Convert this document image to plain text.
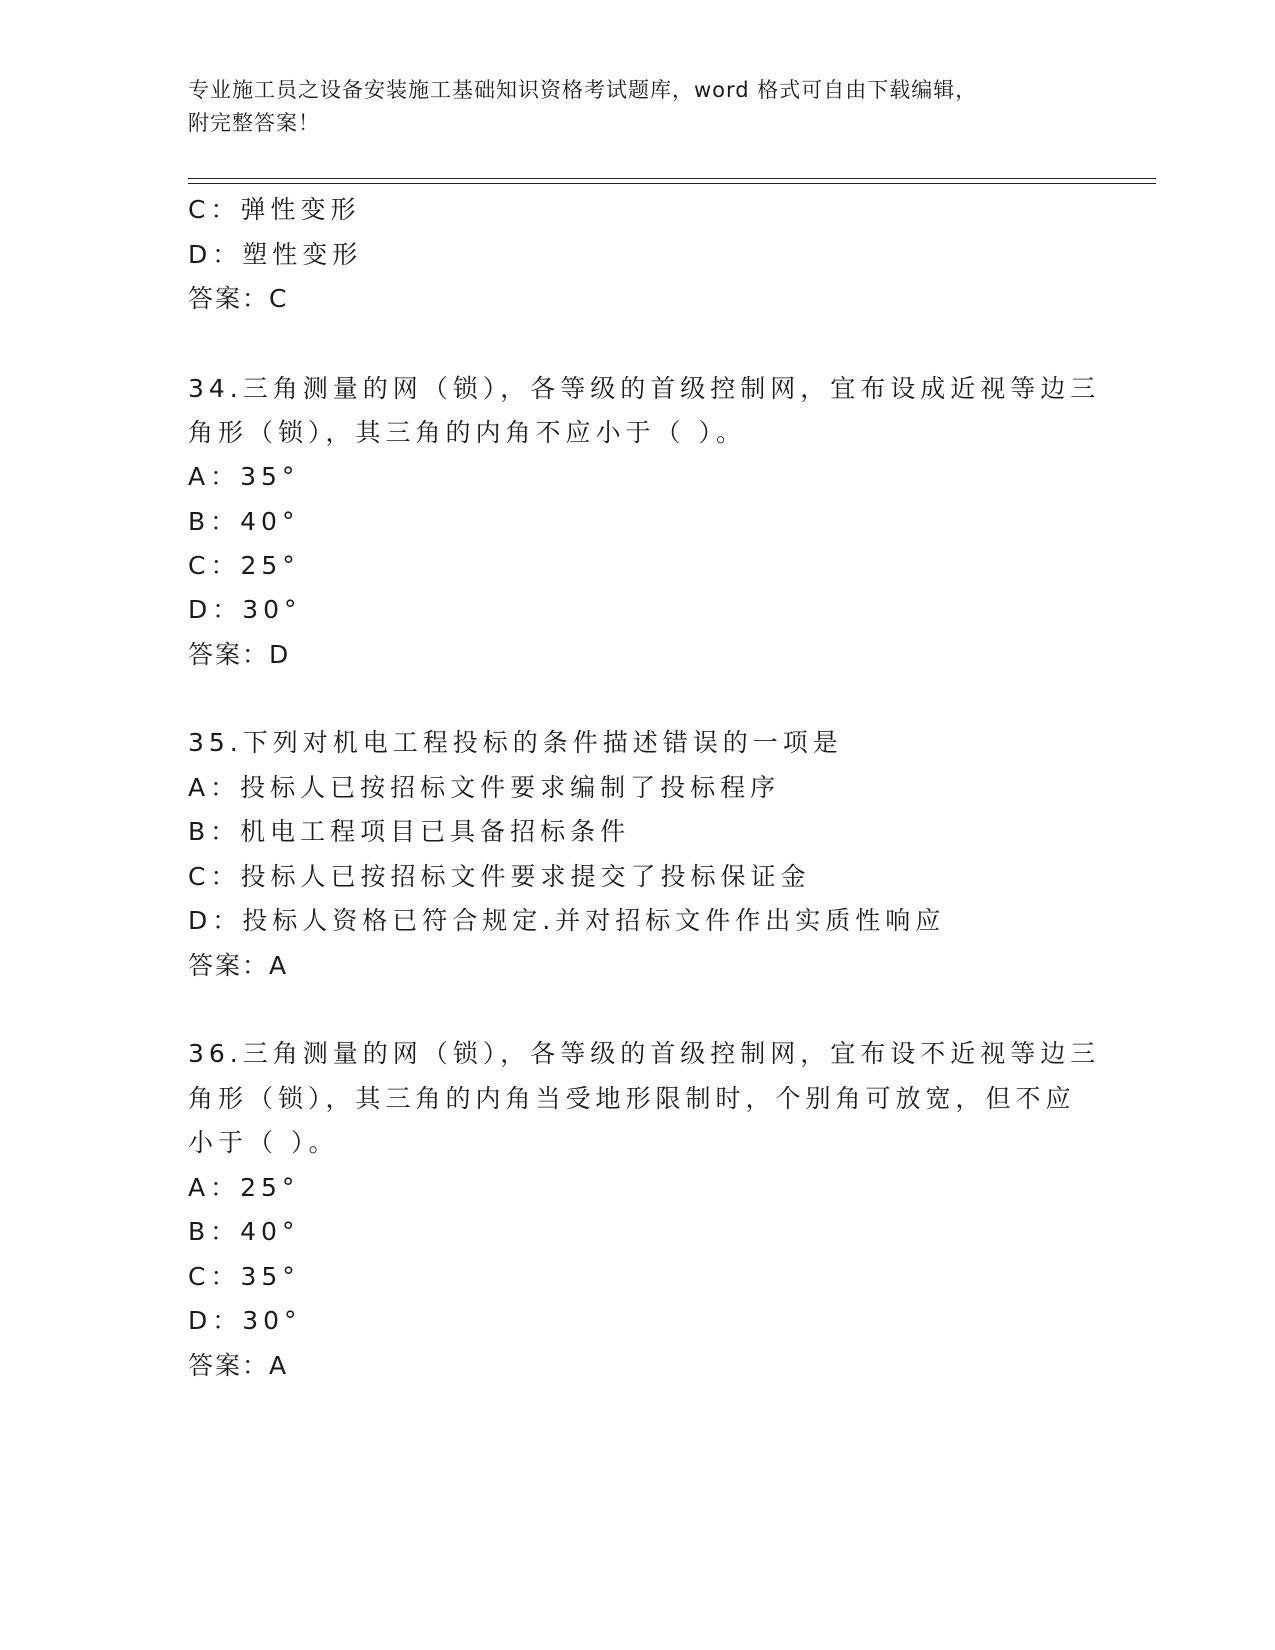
专业施工员之设备安装施工基础知识资格考试题库，word 格式可自由下载编辑，
附完整答案！
C：弹性变形
D：塑性变形
答案：C
34.三角测量的网（锁），各等级的首级控制网，宜布设成近视等边三
角形（锁），其三角的内角不应小于（ ）。
A：35°
B：40°
C：25°
D：30°
答案：D
35.下列对机电工程投标的条件描述错误的一项是
A：投标人已按招标文件要求编制了投标程序
B：机电工程项目已具备招标条件
C：投标人已按招标文件要求提交了投标保证金
D：投标人资格已符合规定.并对招标文件作出实质性响应
答案：A
36.三角测量的网（锁），各等级的首级控制网，宜布设不近视等边三
角形（锁），其三角的内角当受地形限制时，个别角可放宽，但不应
小于（ ）。
A：25°
B：40°
C：35°
D：30°
答案：A
